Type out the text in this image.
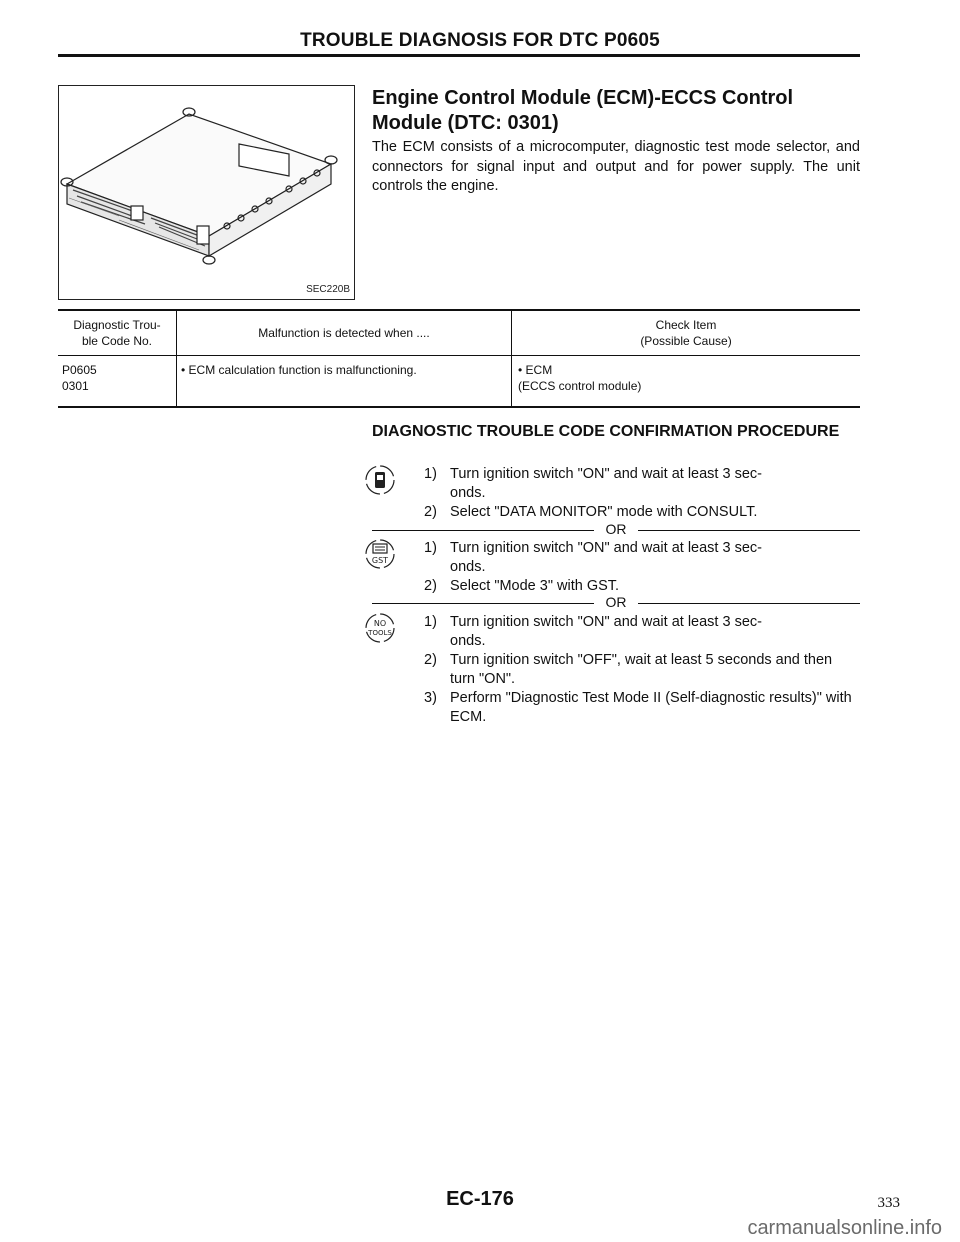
TROUBLE DIAGNOSIS FOR DTC P0605
SEC220B
Engine Control Module (ECM)-ECCS Control Module (DTC: 0301)
The ECM consists of a microcomputer, diagnostic test mode selector, and connectors for signal input and output and for power supply. The unit controls the engine.
Diagnostic Trou-
ble Code No.	Malfunction is detected when ....	Check Item
(Possible Cause)
P0605
0301	• ECM calculation function is malfunctioning.	• ECM
(ECCS control module)
DIAGNOSTIC TROUBLE CODE CONFIRMATION PROCEDURE
1) Turn ignition switch "ON" and wait at least 3 sec-
onds.
2) Select "DATA MONITOR" mode with CONSULT.
OR
GST
1) Turn ignition switch "ON" and wait at least 3 sec-
onds.
2) Select "Mode 3" with GST.
OR
NO
TOOLS
1) Turn ignition switch "ON" and wait at least 3 sec-
onds.
2) Turn ignition switch "OFF", wait at least 5 seconds and then turn "ON".
3) Perform "Diagnostic Test Mode II (Self-diagnostic results)" with ECM.
EC-176	333
carmanualsonline.info
